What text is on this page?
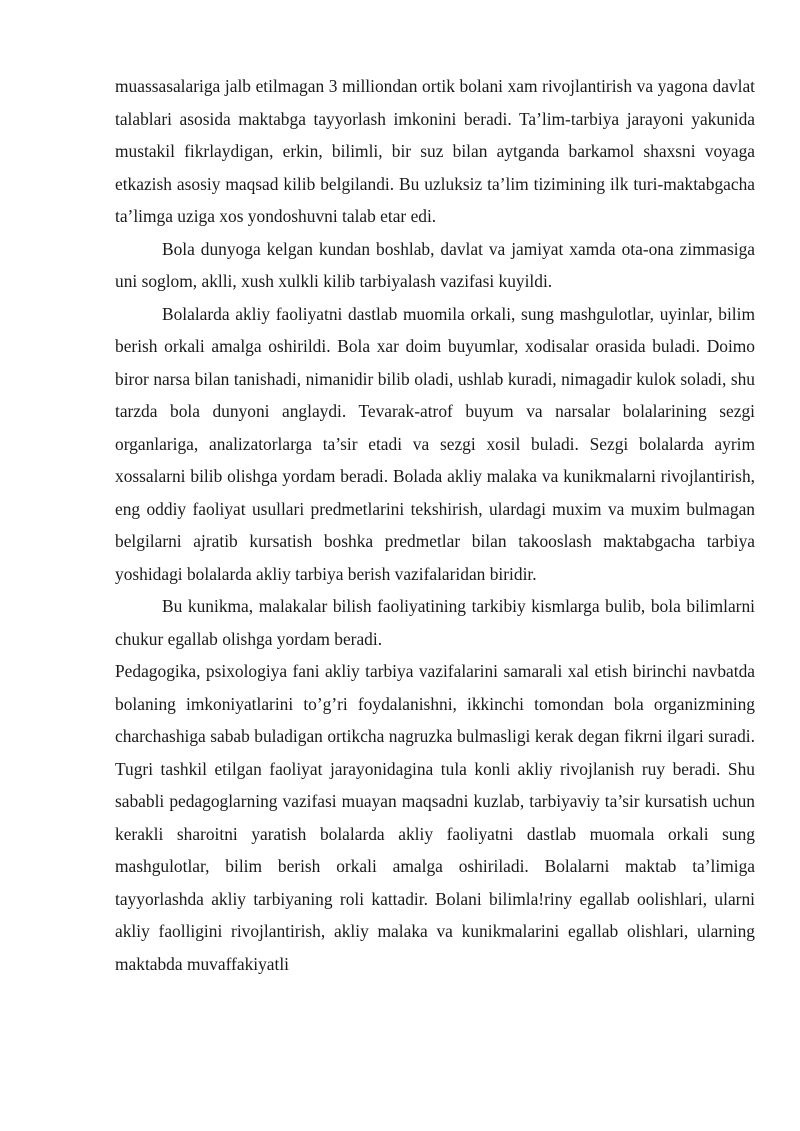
muassasalariga jalb etilmagan 3 milliondan ortik bolani xam rivojlantirish va yagona davlat talablari asosida maktabga tayyorlash imkonini beradi. Ta’lim-tarbiya jarayoni yakunida mustakil fikrlaydigan, erkin, bilimli, bir suz bilan aytganda barkamol shaxsni voyaga etkazish asosiy maqsad kilib belgilandi. Bu uzluksiz ta’lim tizimining ilk turi-maktabgacha ta’limga uziga xos yondoshuvni talab etar edi.

Bola dunyoga kelgan kundan boshlab, davlat va jamiyat xamda ota-ona zimmasiga uni soglom, aklli, xush xulkli kilib tarbiyalash vazifasi kuyildi.

Bolalarda akliy faoliyatni dastlab muomila orkali, sung mashgulotlar, uyinlar, bilim berish orkali amalga oshirildi. Bola xar doim buyumlar, xodisalar orasida buladi. Doimo biror narsa bilan tanishadi, nimanidir bilib oladi, ushlab kuradi, nimagadir kulok soladi, shu tarzda bola dunyoni anglaydi. Tevarak-atrof buyum va narsalar bolalarining sezgi organlariga, analizatorlarga ta’sir etadi va sezgi xosil buladi. Sezgi bolalarda ayrim xossalarni bilib olishga yordam beradi. Bolada akliy malaka va kunikmalarni rivojlantirish, eng oddiy faoliyat usullari predmetlarini tekshirish, ulardagi muxim va muxim bulmagan belgilarni ajratib kursatish boshka predmetlar bilan takooslash maktabgacha tarbiya yoshidagi bolalarda akliy tarbiya berish vazifalaridan biridir.

Bu kunikma, malakalar bilish faoliyatining tarkibiy kismlarga bulib, bola bilimlarni chukur egallab olishga yordam beradi.

Pedagogika, psixologiya fani akliy tarbiya vazifalarini samarali xal etish birinchi navbatda bolaning imkoniyatlarini to’g’ri foydalanishni, ikkinchi tomondan bola organizmining charchashiga sabab buladigan ortikcha nagruzka bulmasligi kerak degan fikrni ilgari suradi. Tugri tashkil etilgan faoliyat jarayonidagina tula konli akliy rivojlanish ruy beradi. Shu sababli pedagoglarning vazifasi muayan maqsadni kuzlab, tarbiyaviy ta’sir kursatish uchun kerakli sharoitni yaratish bolalarda akliy faoliyatni dastlab muomala orkali sung mashgulotlar, bilim berish orkali amalga oshiriladi. Bolalarni maktab ta’limiga tayyorlashda akliy tarbiyaning roli kattadir. Bolani bilimla!riny egallab oolishlari, ularni akliy faolligini rivojlantirish, akliy malaka va kunikmalarini egallab olishlari, ularning maktabda muvaffakiyatli
